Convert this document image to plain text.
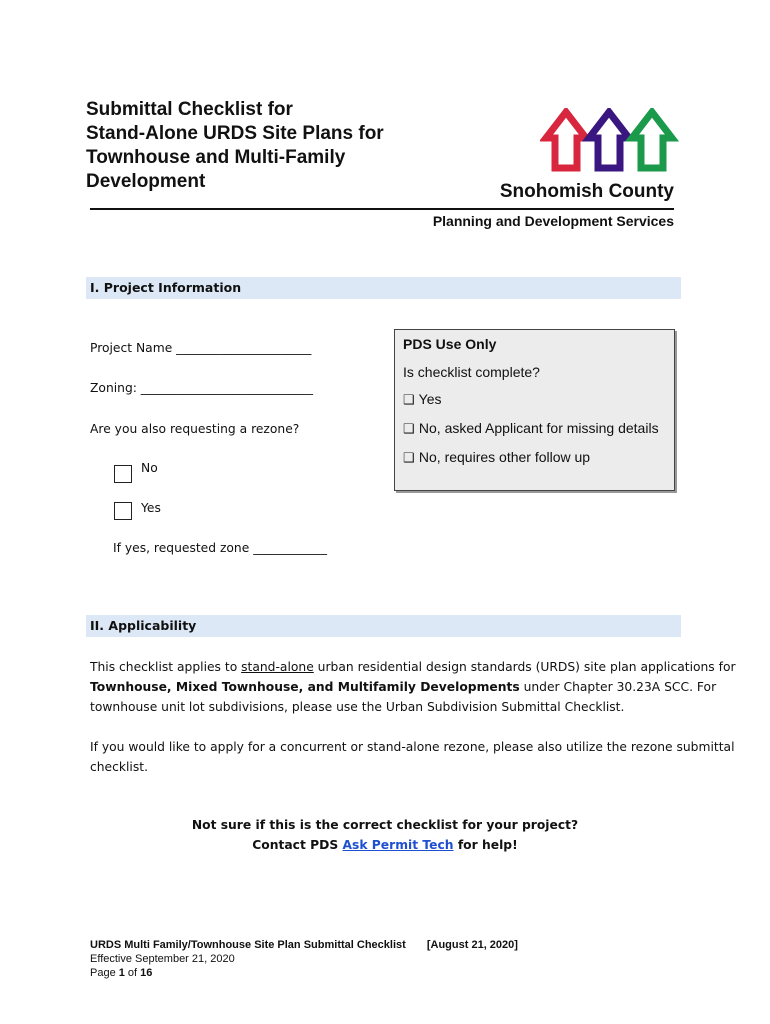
Submittal Checklist for
Stand-Alone URDS Site Plans for
Townhouse and Multi-Family
Development	Snohomish County
Planning and Development Services
I. Project Information
Project Name ______________________
Zoning: ____________________________
Are you also requesting a rezone?
No
Yes
If yes, requested zone ____________
PDS Use Only
Is checklist complete?
❑ Yes
❑ No, asked Applicant for missing details
❑ No, requires other follow up
II. Applicability
This checklist applies to stand-alone urban residential design standards (URDS) site plan applications for
Townhouse, Mixed Townhouse, and Multifamily Developments under Chapter 30.23A SCC. For
townhouse unit lot subdivisions, please use the Urban Subdivision Submittal Checklist.
If you would like to apply for a concurrent or stand-alone rezone, please also utilize the rezone submittal
checklist.
Not sure if this is the correct checklist for your project?
Contact PDS Ask Permit Tech for help!
URDS Multi Family/Townhouse Site Plan Submittal Checklist [August 21, 2020]
Effective September 21, 2020
Page 1 of 16
